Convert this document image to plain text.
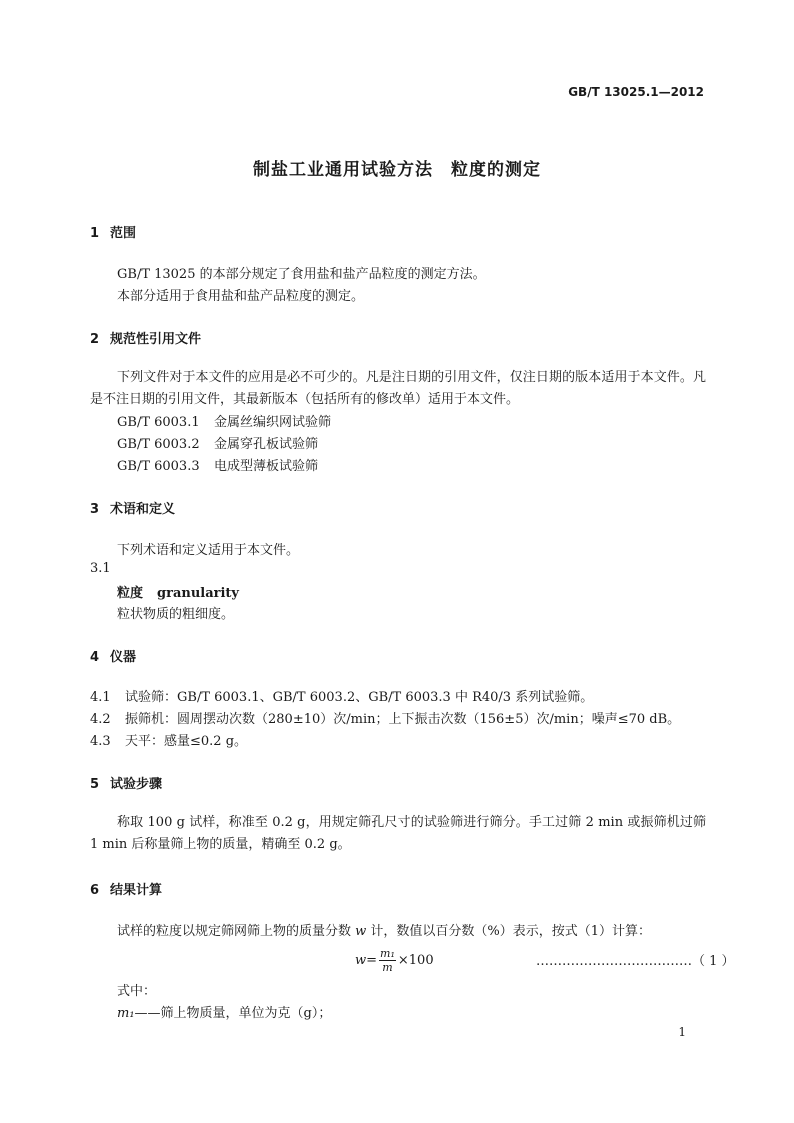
GB/T 13025.1—2012
制盐工业通用试验方法　粒度的测定
1 范围
GB/T 13025 的本部分规定了食用盐和盐产品粒度的测定方法。
本部分适用于食用盐和盐产品粒度的测定。
2 规范性引用文件
下列文件对于本文件的应用是必不可少的。凡是注日期的引用文件，仅注日期的版本适用于本文件。凡是不注日期的引用文件，其最新版本（包括所有的修改单）适用于本文件。
GB/T 6003.1 金属丝编织网试验筛
GB/T 6003.2 金属穿孔板试验筛
GB/T 6003.3 电成型薄板试验筛
3 术语和定义
下列术语和定义适用于本文件。
3.1
粒度 granularity
粒状物质的粗细度。
4 仪器
4.1 试验筛：GB/T 6003.1、GB/T 6003.2、GB/T 6003.3 中 R40/3 系列试验筛。
4.2 振筛机：圆周摆动次数（280±10）次/min；上下振击次数（156±5）次/min；噪声≤70 dB。
4.3 天平：感量≤0.2 g。
5 试验步骤
称取 100 g 试样，称准至 0.2 g，用规定筛孔尺寸的试验筛进行筛分。手工过筛 2 min 或振筛机过筛 1 min 后称量筛上物的质量，精确至 0.2 g。
6 结果计算
试样的粒度以规定筛网筛上物的质量分数 w 计，数值以百分数（%）表示，按式（1）计算：
$w= \frac{\text{m₁}}{m} \times 100$	………………………………（ 1 ）
式中：
m₁——筛上物质量，单位为克（g）；
1
